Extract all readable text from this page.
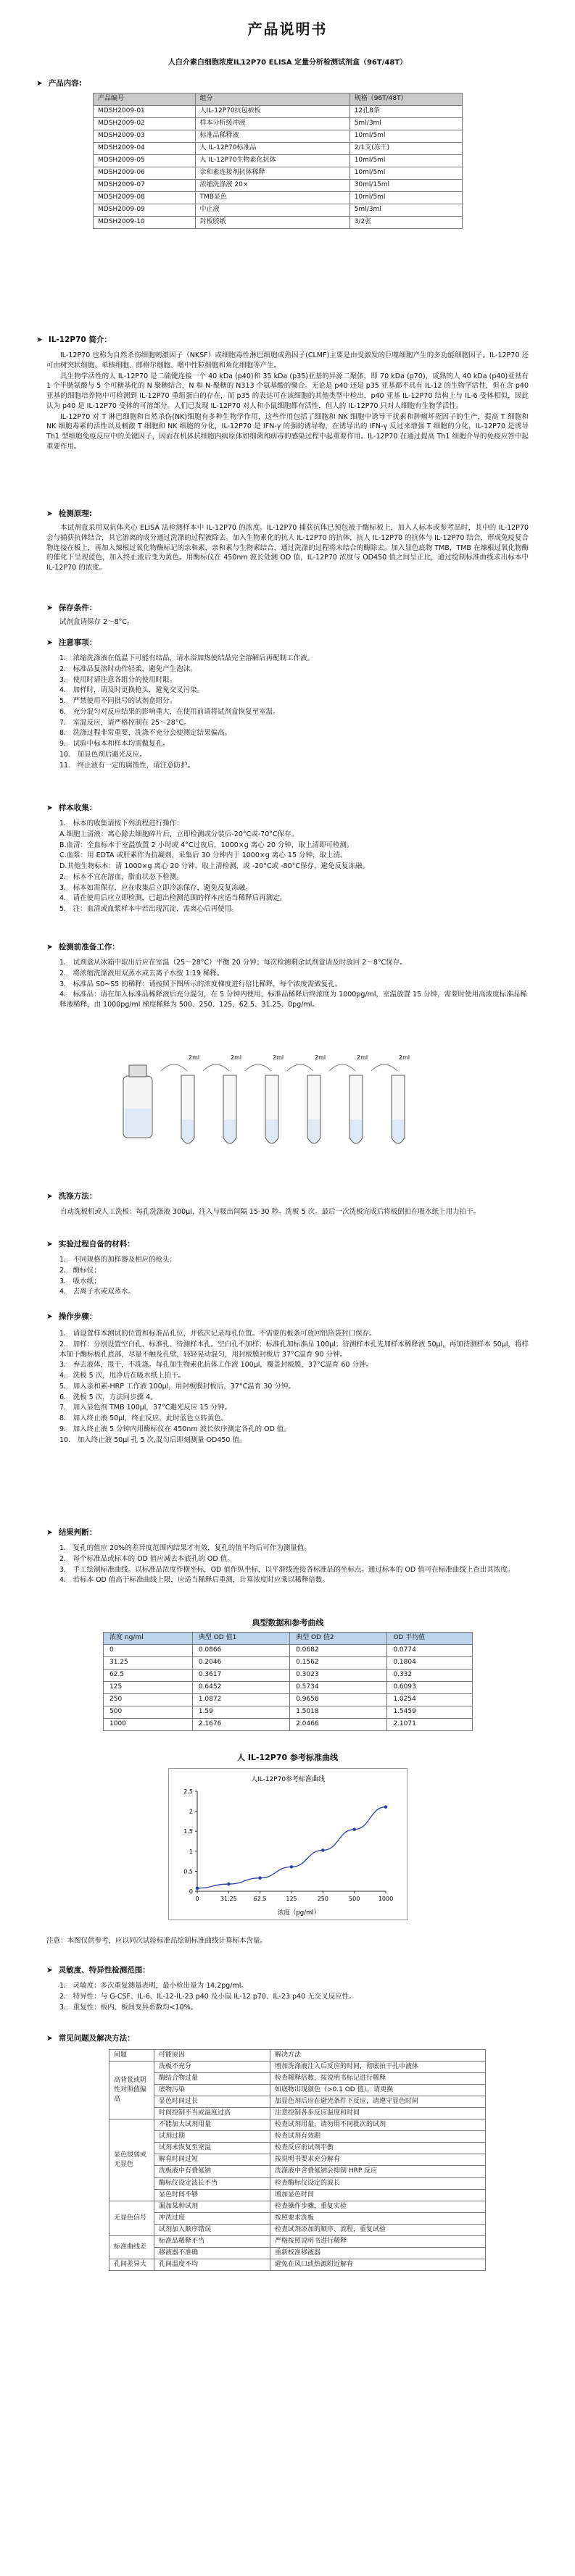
产品说明书
人白介素白细胞浓度IL12P70 ELISA 定量分析检测试剂盒（96T/48T）
➤ 产品内容:
产品编号	组分	规格（96T/48T）
MDSH2009-01	人IL-12P70抗包被板	12孔8条
MDSH2009-02	样本分析缓冲液	5ml/3ml
MDSH2009-03	标准品稀释液	10ml/5ml
MDSH2009-04	人 IL-12P70标准品	2/1支(冻干)
MDSH2009-05	人 IL-12P70生物素化抗体	10ml/5ml
MDSH2009-06	亲和素连接剂抗体稀释	10ml/5ml
MDSH2009-07	浓缩洗涤液 20×	30ml/15ml
MDSH2009-08	TMB显色	10ml/5ml
MDSH2009-09	中止液	5ml/3ml
MDSH2009-10	封板胶纸	3/2张
➤ IL-12P70 简介：

IL-12P70 也称为自然杀伤细胞刺激因子（NKSF）或细胞毒性淋巴细胞成熟因子(CLMF)主要是由受激发的巨噬细胞产生的多功能细胞因子。IL-12P70 还可由树突状细胞、单核细胞、郎格尔细胞、嗜中性粒细胞和角化细胞等产生。

具生物学活性的人 IL-12P70 是二硫键连接一个 40 kDa (p40)和 35 kDa (p35)亚基的异源二聚体，即 70 kDa (p70)，成熟的人 40 kDa (p40)亚基有 1 个半胱氨酸与 5 个可糖基化的 N 聚糖结合，N 和 N-聚糖的 N313 个氨基酸的聚合。无论是 p40 还是 p35 亚基都不具有 IL-12 的生物学活性，但在含 p40 亚基的细胞培养物中可检测到 IL-12P70 重组蛋白的存在，而 p35 的表达可在该细胞的其他类型中检出，p40 亚基 IL-12P70 结构上与 IL-6 受体相似，因此认为 p40 是 IL-12P70 受体的可溶部分。人们已发现 IL-12P70 对人和小鼠细胞都有活性，但人的 IL-12P70 只对人细胞有生物学活性。

IL-12P70 对 T 淋巴细胞和自然杀伤(NK)细胞有多种生物学作用，这些作用包括了细胞和 NK 细胞中诱导干扰素和肿瘤坏死因子的生产，提高 T 细胞和 NK 细胞毒素的活性以及刺激 T 细胞和 NK 细胞的分化，IL-12P70 是 IFN-γ 的强的诱导物，在诱导出的 IFN-γ 反过来增强 T 细胞的分化，IL-12P70 是诱导 Th1 型细胞免疫反应中的关键因子，因而在机体抗细胞内病原体如细菌和病毒的感染过程中起重要作用。IL-12P70 在通过提高 Th1 细胞介导的免疫应答中起重要作用。

➤ 检测原理:

本试剂盒采用双抗体夹心 ELISA 法检测样本中 IL-12P70 的浓度。IL-12P70 捕获抗体已预包被于酶标板上，加入人标本或参考品时，其中的 IL-12P70 会与捕获抗体结合，其它游离的成分通过洗涤的过程被除去。加入生物素化的抗人 IL-12P70 的抗体，抗人 IL-12P70 的抗体与 IL-12P70 结合，形成免疫复合物连接在板上，再加入辣根过氧化物酶标记的亲和素，亲和素与生物素结合，通过洗涤的过程将未结合的酶除去。加入显色底物 TMB，TMB 在辣根过氧化物酶的催化下呈现蓝色，加入终止液后变为黄色。用酶标仪在 450nm 波长处测 OD 值，IL-12P70 浓度与 OD450 值之间呈正比，通过绘制标准曲线求出标本中 IL-12P70 的浓度。

➤ 保存条件：
试剂盒请保存 2～8°C。
➤ 注意事项：
1.　浓缩洗涤液在低温下可能有结晶，请水浴加热使结晶完全溶解后再配制工作液。
2.　标准品复溶时动作轻柔，避免产生泡沫。
3.　使用时请注意各组分的使用时限。
4.　加样时，请及时更换枪头，避免交叉污染。
5.　严禁使用不同批号的试剂盒组分。
6.　充分混匀对反应结果的影响重大，在使用前请将试剂盒恢复至室温。
7.　室温反应，请严格控制在 25～28°C。
8.　洗涤过程非常重要，洗涤不充分会使测定结果偏高。
9.　试验中标本和样本均需做复孔。
10.　加显色剂后避光反应。
11.　终止液有一定的腐蚀性，请注意防护。
➤ 样本收集：
1.　标本的收集请按下列流程进行操作：
A.细胞上清液：离心除去细胞碎片后，立即检测或分装后-20°C或-70°C保存。
B.血清：全血标本于室温放置 2 小时或 4°C过夜后，1000×g 离心 20 分钟，取上清即可检测。
C.血浆：用 EDTA 或肝素作为抗凝剂，采集后 30 分钟内于 1000×g 离心 15 分钟，取上清。
D.其他生物标本：请 1000×g 离心 20 分钟，取上清检测，或 -20°C或 -80°C保存，避免反复冻融。
2.　标本不宜在溶血、脂血状态下检测。
3.　标本如需保存，应在收集后立即冷冻保存，避免反复冻融。
4.　请在使用后应立即检测，已超出检测范围的样本应适当稀释后再测定。
5.　注：血清或血浆样本中若出现沉淀，需离心后再使用。
➤ 检测前准备工作：
1.　试剂盒从冰箱中取出后应在室温（25～28°C）平衡 20 分钟；每次检测剩余试剂盒请及时放回 2～8°C保存。
2.　将浓缩洗涤液用双蒸水或去离子水按 1:19 稀释。
3.　标准品 S0~S5 的稀释：请按照下图所示的浓度梯度进行倍比稀释，每个浓度需做复孔。
4.　标准品：请在加入标准品稀释液后充分混匀，在 5 分钟内使用，标准品稀释后终浓度为 1000pg/ml，室温放置 15 分钟，需要时使用高浓度标准品稀释液稀释，由 1000pg/ml 梯度稀释为 500、250、125、62.5、31.25、0pg/ml。
2ml	2ml	2ml	2ml	2ml	2ml
➤ 洗涤方法：

自动洗板机或人工洗板：每孔洗涤液 300μl，注入与吸出间隔 15-30 秒。洗板 5 次。最后一次洗板完成后将板倒扣在吸水纸上用力拍干。

➤ 实验过程自备的材料：
1.　不同规格的加样器及相应的枪头；
2.　酶标仪；
3.　吸水纸；
4.　去离子水或双蒸水。
➤ 操作步骤：
1.　请设置样本测试的位置和标准品孔位，并依次记录每孔位置。不需要的板条可放回铝箔袋封口保存。
2.　加样：分别设置空白孔、标准孔、待测样本孔。空白孔不加样；标准孔加标准品 100μl；待测样本孔先加样本稀释液 50μl，再加待测样本 50μl，将样本加于酶标板孔底部，尽量不触及孔壁，轻轻晃动混匀，用封板膜封板后 37°C温育 90 分钟。
3.　弃去液体，甩干，不洗涤。每孔加生物素化抗体工作液 100μl，覆盖封板膜，37°C温育 60 分钟。
4.　洗板 5 次，甩净后在吸水纸上拍干。
5.　加入亲和素-HRP 工作液 100μl，用封板膜封板后，37°C温育 30 分钟。
6.　洗板 5 次，方法同步骤 4。
7.　加入显色剂 TMB 100μl，37°C避光反应 15 分钟。
8.　加入终止液 50μl，终止反应，此时蓝色立转黄色。
9.　加入终止液 5 分钟内用酶标仪在 450nm 波长依序测定各孔的 OD 值。
10.　加入终止液 50μl 孔 5 次,混匀后即刻测量 OD450 值。
➤ 结果判断：
1.　复孔的值应 20%的差异度范围内结果才有效，复孔的值平均后可作为测量值。
2.　每个标准品或标本的 OD 值应减去本底孔的 OD 值。
3.　手工绘制标准曲线。以标准品浓度作横坐标，OD 值作纵坐标，以平滑线连接各标准品的坐标点。通过标本的 OD 值可在标准曲线上查出其浓度。
4.　若标本 OD 值高于标准曲线上限，应适当稀释后重测，计算浓度时应乘以稀释倍数。
典型数据和参考曲线
浓度 ng/ml	典型 OD 值1	典型 OD 值2	OD 平均值
0	0.0866	0.0682	0.0774
31.25	0.2046	0.1562	0.1804
62.5	0.3617	0.3023	0.332
125	0.6452	0.5734	0.6093
250	1.0872	0.9656	1.0254
500	1.59	1.5018	1.5459
1000	2.1676	2.0466	2.1071
人 IL-12P70 参考标准曲线
人IL-12P70参考标准曲线
0
0.5
1
1.5
2
2.5
0	31.25	62.5	125	250	500	1000
浓度（pg/ml）
注意：本图仅供参考，应以同次试验标准品绘制标准曲线计算标本含量。
➤ 灵敏度、特异性检测范围：
1.　灵敏度：多次重复测量表明，最小检出量为 14.2pg/ml。
2.　特异性：与 G-CSF、IL-6、IL-12-IL-23 p40 及小鼠 IL-12 p70、IL-23 p40 无交叉反应性。
3.　重复性：板内、板间变异系数均<10%。
➤ 常见问题及解决方法：
问题	可能原因	解决方法
高背景或阴性对照值偏高	洗板不充分	增加洗涤液注入后反应的时间，彻底拍干孔中液体
	酶结合物过量	检查稀释倍数，按说明书标记进行稀释
	底物污染	如底物出现颜色（>0.1 OD 值），请更换
	显色时间过长	加显色剂后应在避光条件下反应，请遵守显色时间
	时间控制不当或温度过高	注意控制各步反应温度和时间
显色很弱或无显色	不能加大试剂用量	检查试剂用量，请勿用不同批次的试剂
	试剂过期	检查试剂有效期
	试剂未恢复至室温	检查反应前试剂平衡
	解育时间过短	按说明书要求充分解育
	洗板液中有叠氮钠	洗涤液中含叠氮钠会抑制 HRP 反应
	酶标仪设定波长不当	检查酶标仪设定的波长
	显色时间不够	增加显色时间
无显色信号	漏加某种试剂	检查操作步骤，重复实验
	冲洗过度	按照要求洗板
	试剂加入顺序错误	检查试剂添加的顺序、流程，重复试验
标准曲线差	标准品稀释不当	严格按照说明书进行稀释
	移液器不准确	重新校准移液器
孔间差异大	孔间温度不均	避免在风口或热源附近解育
